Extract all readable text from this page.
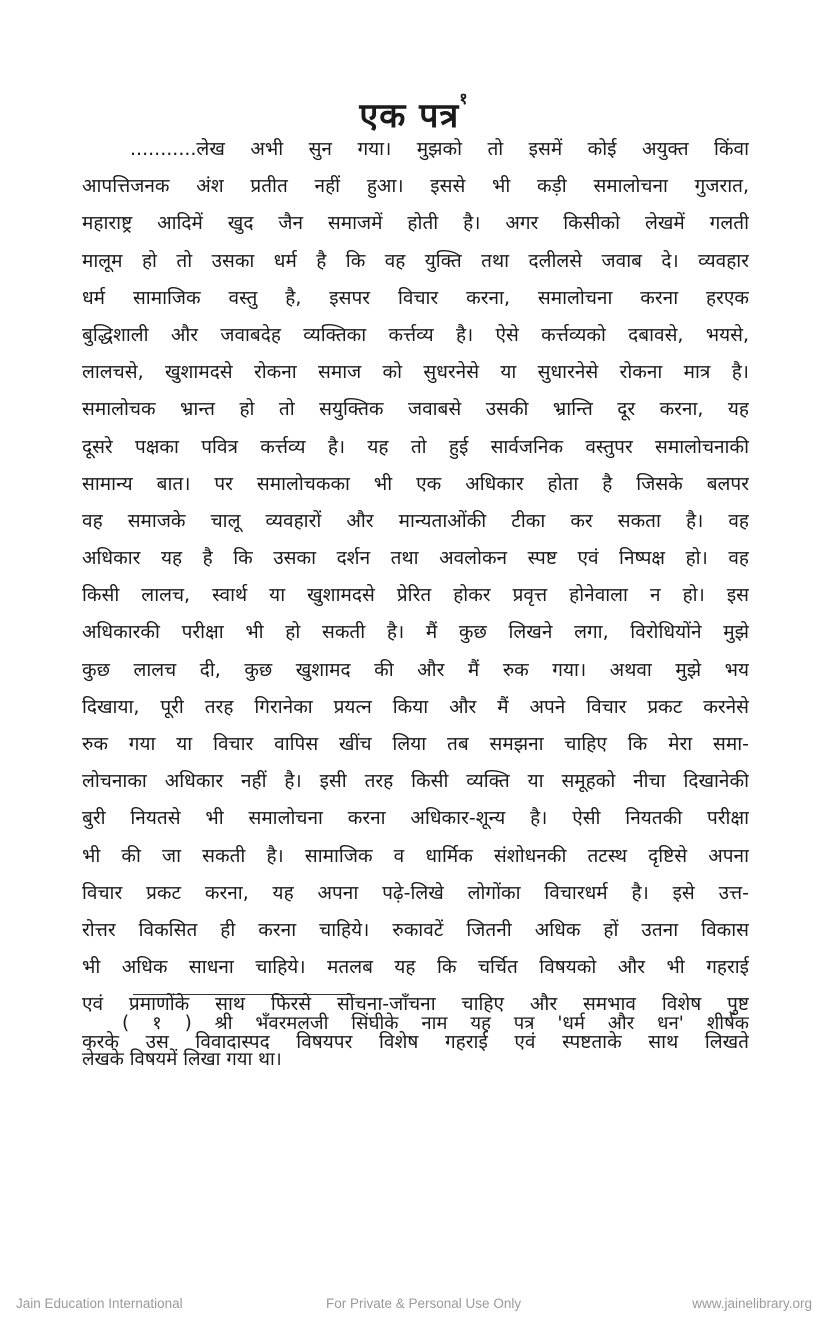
एक पत्र$^१$
...........लेख अभी सुन गया। मुझको तो इसमें कोई अयुक्त किंवा
आपत्तिजनक अंश प्रतीत नहीं हुआ। इससे भी कड़ी समालोचना गुजरात,
महाराष्ट्र आदिमें खुद जैन समाजमें होती है। अगर किसीको लेखमें गलती
मालूम हो तो उसका धर्म है कि वह युक्ति तथा दलीलसे जवाब दे। व्यवहार
धर्म सामाजिक वस्तु है, इसपर विचार करना, समालोचना करना हरएक
बुद्धिशाली और जवाबदेह व्यक्तिका कर्त्तव्य है। ऐसे कर्त्तव्यको दबावसे, भयसे,
लालचसे, खुशामदसे रोकना समाज को सुधरनेसे या सुधारनेसे रोकना मात्र है।
समालोचक भ्रान्त हो तो सयुक्तिक जवाबसे उसकी भ्रान्ति दूर करना, यह
दूसरे पक्षका पवित्र कर्त्तव्य है। यह तो हुई सार्वजनिक वस्तुपर समालोचनाकी
सामान्य बात। पर समालोचकका भी एक अधिकार होता है जिसके बलपर
वह समाजके चालू व्यवहारों और मान्यताओंकी टीका कर सकता है। वह
अधिकार यह है कि उसका दर्शन तथा अवलोकन स्पष्ट एवं निष्पक्ष हो। वह
किसी लालच, स्वार्थ या खुशामदसे प्रेरित होकर प्रवृत्त होनेवाला न हो। इस
अधिकारकी परीक्षा भी हो सकती है। मैं कुछ लिखने लगा, विरोधियोंने मुझे
कुछ लालच दी, कुछ खुशामद की और मैं रुक गया। अथवा मुझे भय
दिखाया, पूरी तरह गिरानेका प्रयत्न किया और मैं अपने विचार प्रकट करनेसे
रुक गया या विचार वापिस खींच लिया तब समझना चाहिए कि मेरा समा-
लोचनाका अधिकार नहीं है। इसी तरह किसी व्यक्ति या समूहको नीचा दिखानेकी
बुरी नियतसे भी समालोचना करना अधिकार-शून्य है। ऐसी नियतकी परीक्षा
भी की जा सकती है। सामाजिक व धार्मिक संशोधनकी तटस्थ दृष्टिसे अपना
विचार प्रकट करना, यह अपना पढ़े-लिखे लोगोंका विचारधर्म है। इसे उत्त-
रोत्तर विकसित ही करना चाहिये। रुकावटें जितनी अधिक हों उतना विकास
भी अधिक साधना चाहिये। मतलब यह कि चर्चित विषयको और भी गहराई
एवं प्रमाणोंके साथ फिरसे सोचना-जाँचना चाहिए और समभाव विशेष पुष्ट
करके उस विवादास्पद विषयपर विशेष गहराई एवं स्पष्टताके साथ लिखते
( १ ) श्री भँवरमलजी सिंघीके नाम यह पत्र 'धर्म और धन' शीर्षक
लेखके विषयमें लिखा गया था।
Jain Education International	For Private & Personal Use Only	www.jainelibrary.org
